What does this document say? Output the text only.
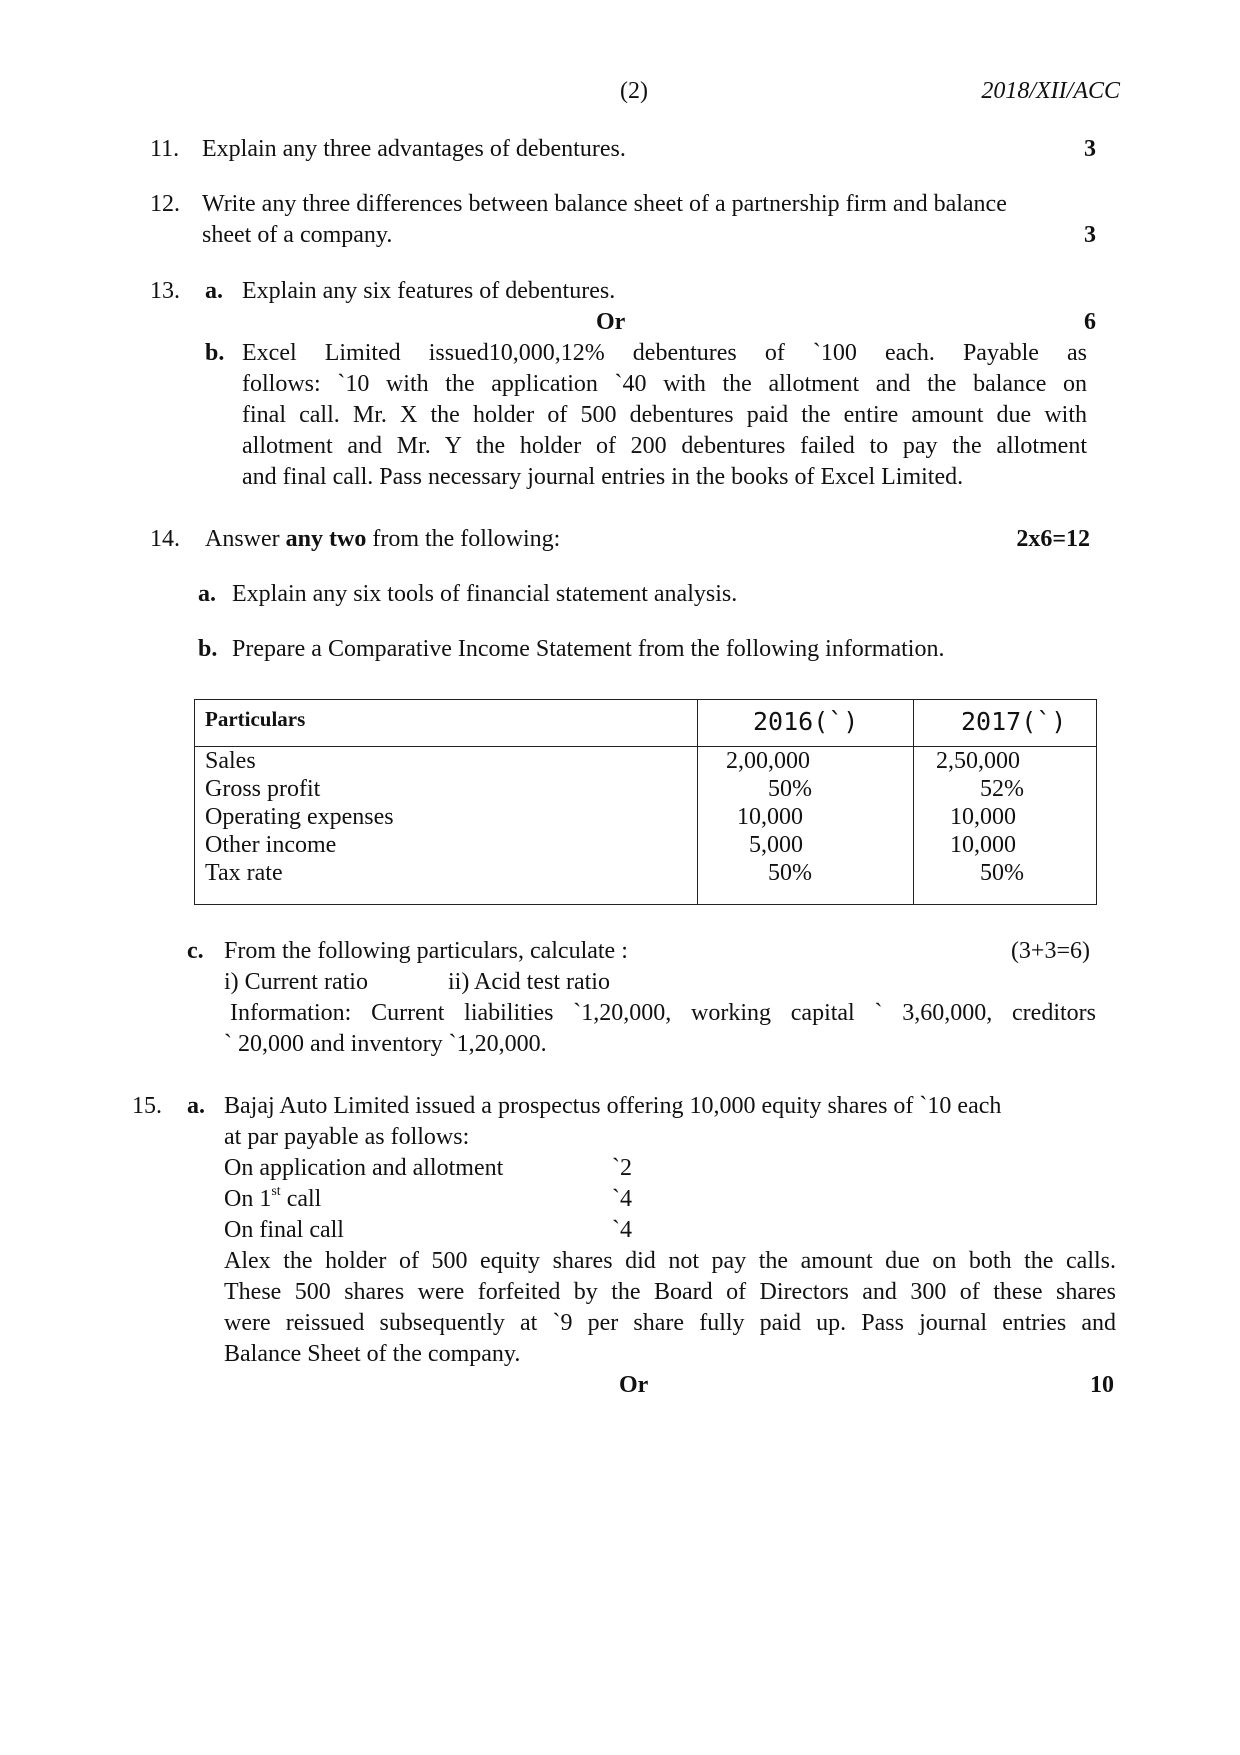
(2)	2018/XII/ACC
11. Explain any three advantages of debentures.	3
12. Write any three differences between balance sheet of a partnership firm and balance
sheet of a company.	3
13. a. Explain any six features of debentures.
Or	6
b. Excel Limited issued10,000,12% debentures of `100 each. Payable as
follows: `10 with the application `40 with the allotment and the balance on
final call. Mr. X the holder of 500 debentures paid the entire amount due with
allotment and Mr. Y the holder of 200 debentures failed to pay the allotment
and final call. Pass necessary journal entries in the books of Excel Limited.
14. Answer any two from the following:	2x6=12
a. Explain any six tools of financial statement analysis.
b. Prepare a Comparative Income Statement from the following information.
Particulars	2016(`)	2017(`)
Sales	2,00,000	2,50,000
Gross profit	50%	52%
Operating expenses	10,000	10,000
Other income	5,000	10,000
Tax rate	50%	50%
c. From the following particulars, calculate :	(3+3=6)
i) Current ratio	ii) Acid test ratio
Information: Current liabilities `1,20,000, working capital ` 3,60,000, creditors
` 20,000 and inventory `1,20,000.
15. a. Bajaj Auto Limited issued a prospectus offering 10,000 equity shares of `10 each
at par payable as follows:
On application and allotment	`2
On 1st call	`4
On final call	`4
Alex the holder of 500 equity shares did not pay the amount due on both the calls.
These 500 shares were forfeited by the Board of Directors and 300 of these shares
were reissued subsequently at `9 per share fully paid up. Pass journal entries and
Balance Sheet of the company.
Or	10
